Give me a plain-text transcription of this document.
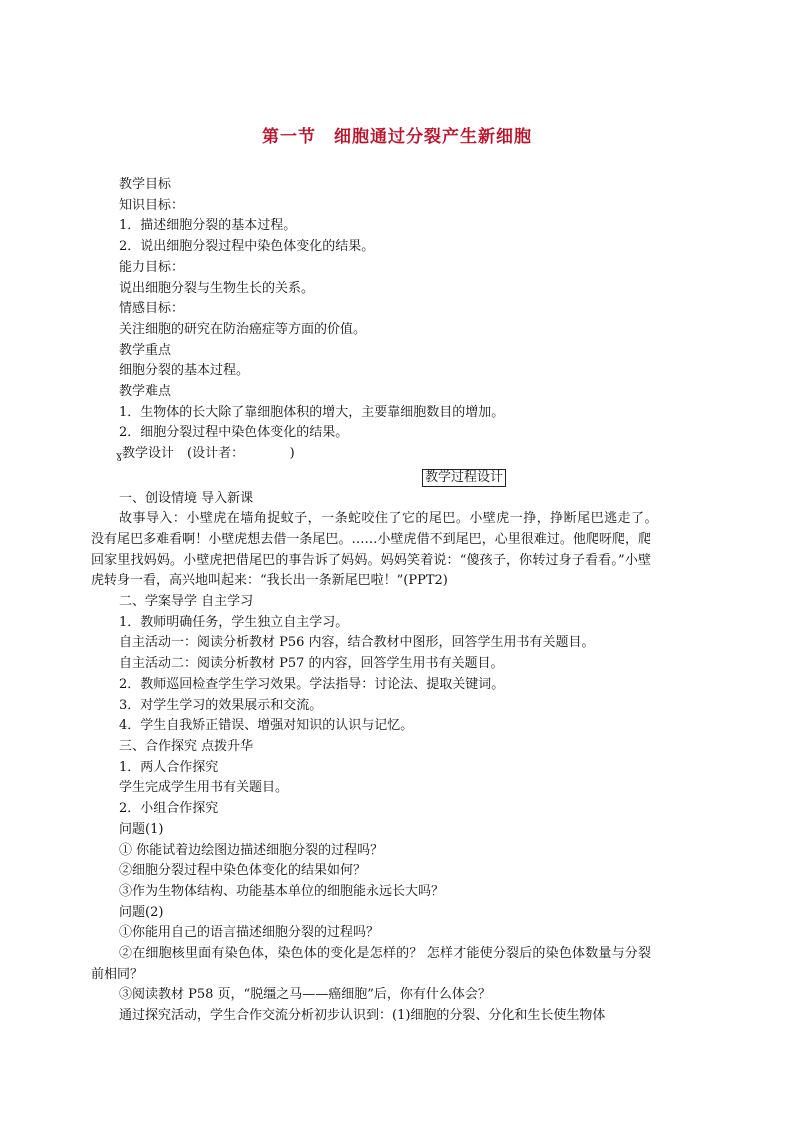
第一节　细胞通过分裂产生新细胞

教学目标

知识目标：

1．描述细胞分裂的基本过程。

2．说出细胞分裂过程中染色体变化的结果。

能力目标：

说出细胞分裂与生物生长的关系。

情感目标：

关注细胞的研究在防治癌症等方面的价值。

教学重点

细胞分裂的基本过程。

教学难点

1．生物体的长大除了靠细胞体积的增大，主要靠细胞数目的增加。

2．细胞分裂过程中染色体变化的结果。

ɣ教学设计　(设计者：　　　　)

教学过程设计

一、创设情境 导入新课

故事导入：小壁虎在墙角捉蚊子，一条蛇咬住了它的尾巴。小壁虎一挣，挣断尾巴逃走了。　没有尾巴多难看啊！小壁虎想去借一条尾巴。……小壁虎借不到尾巴，心里很难过。他爬呀爬，爬回家里找妈妈。小壁虎把借尾巴的事告诉了妈妈。妈妈笑着说：“傻孩子，你转过身子看看。”小壁虎转身一看，高兴地叫起来：“我长出一条新尾巴啦！”(PPT2)

二、学案导学 自主学习

1．教师明确任务，学生独立自主学习。

自主活动一：阅读分析教材 P56 内容，结合教材中图形，回答学生用书有关题目。

自主活动二：阅读分析教材 P57 的内容，回答学生用书有关题目。

2．教师巡回检查学生学习效果。学法指导：讨论法、提取关键词。

3．对学生学习的效果展示和交流。

4．学生自我矫正错误、增强对知识的认识与记忆。

三、合作探究 点拨升华

1．两人合作探究

学生完成学生用书有关题目。

2．小组合作探究

问题(1)

① 你能试着边绘图边描述细胞分裂的过程吗？

②细胞分裂过程中染色体变化的结果如何？

③作为生物体结构、功能基本单位的细胞能永远长大吗？

问题(2)

①你能用自己的语言描述细胞分裂的过程吗？

②在细胞核里面有染色体，染色体的变化是怎样的？ 怎样才能使分裂后的染色体数量与分裂前相同？

③阅读教材 P58 页，“脱缰之马——癌细胞”后，你有什么体会？

通过探究活动，学生合作交流分析初步认识到：(1)细胞的分裂、分化和生长使生物体
